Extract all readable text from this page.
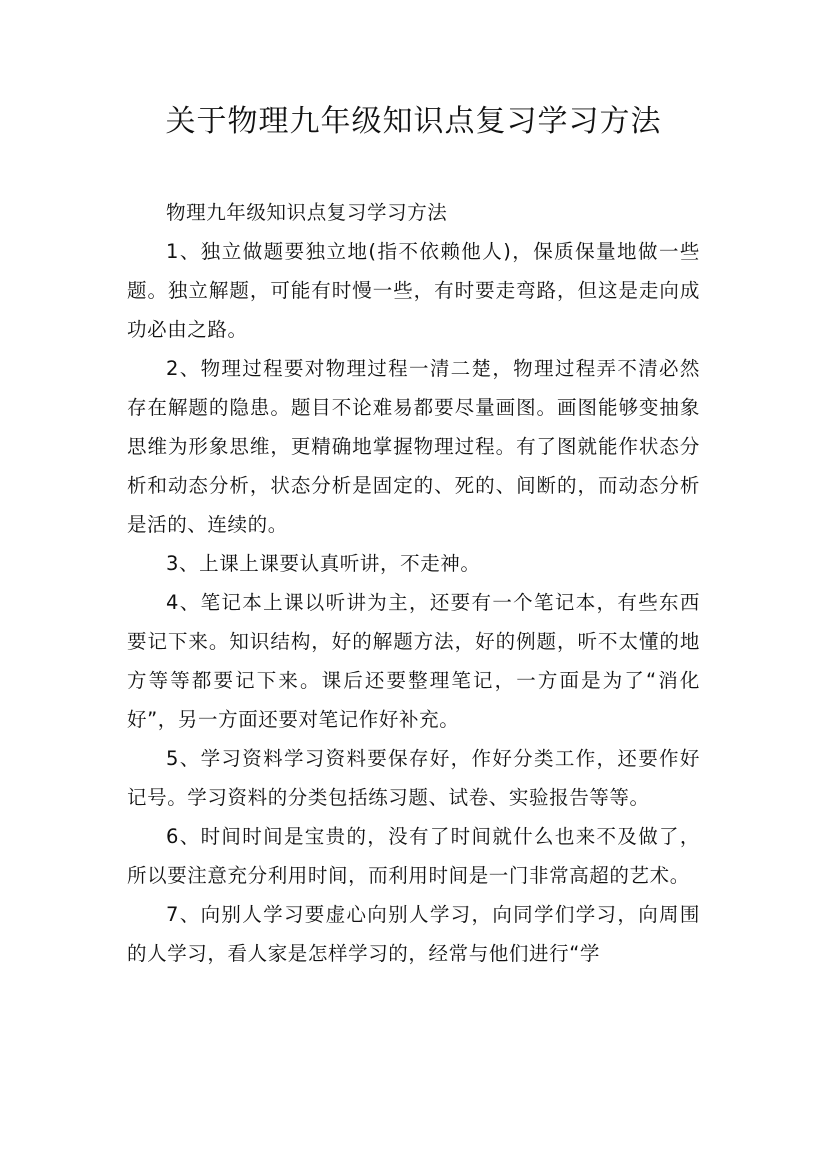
关于物理九年级知识点复习学习方法

物理九年级知识点复习学习方法

1、独立做题要独立地(指不依赖他人)，保质保量地做一些题。独立解题，可能有时慢一些，有时要走弯路，但这是走向成功必由之路。

2、物理过程要对物理过程一清二楚，物理过程弄不清必然存在解题的隐患。题目不论难易都要尽量画图。画图能够变抽象思维为形象思维，更精确地掌握物理过程。有了图就能作状态分析和动态分析，状态分析是固定的、死的、间断的，而动态分析是活的、连续的。

3、上课上课要认真听讲，不走神。

4、笔记本上课以听讲为主，还要有一个笔记本，有些东西要记下来。知识结构，好的解题方法，好的例题，听不太懂的地方等等都要记下来。课后还要整理笔记，一方面是为了“消化好”，另一方面还要对笔记作好补充。

5、学习资料学习资料要保存好，作好分类工作，还要作好记号。学习资料的分类包括练习题、试卷、实验报告等等。

6、时间时间是宝贵的，没有了时间就什么也来不及做了，所以要注意充分利用时间，而利用时间是一门非常高超的艺术。

7、向别人学习要虚心向别人学习，向同学们学习，向周围的人学习，看人家是怎样学习的，经常与他们进行“学
